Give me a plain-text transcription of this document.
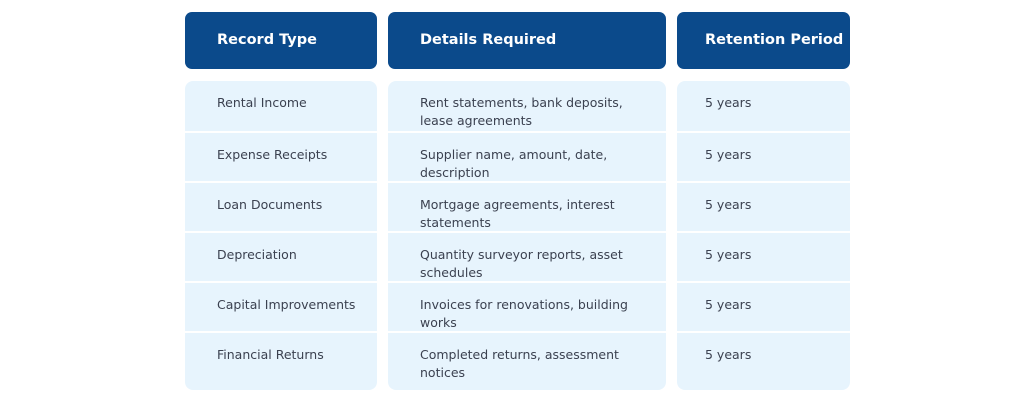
Record Type	Details Required	Retention Period
Rental Income
Expense Receipts
Loan Documents
Depreciation
Capital Improvements
Financial Returns
Rent statements, bank deposits,
lease agreements
Supplier name, amount, date,
description
Mortgage agreements, interest
statements
Quantity surveyor reports, asset
schedules
Invoices for renovations, building
works
Completed returns, assessment
notices
5 years
5 years
5 years
5 years
5 years
5 years
